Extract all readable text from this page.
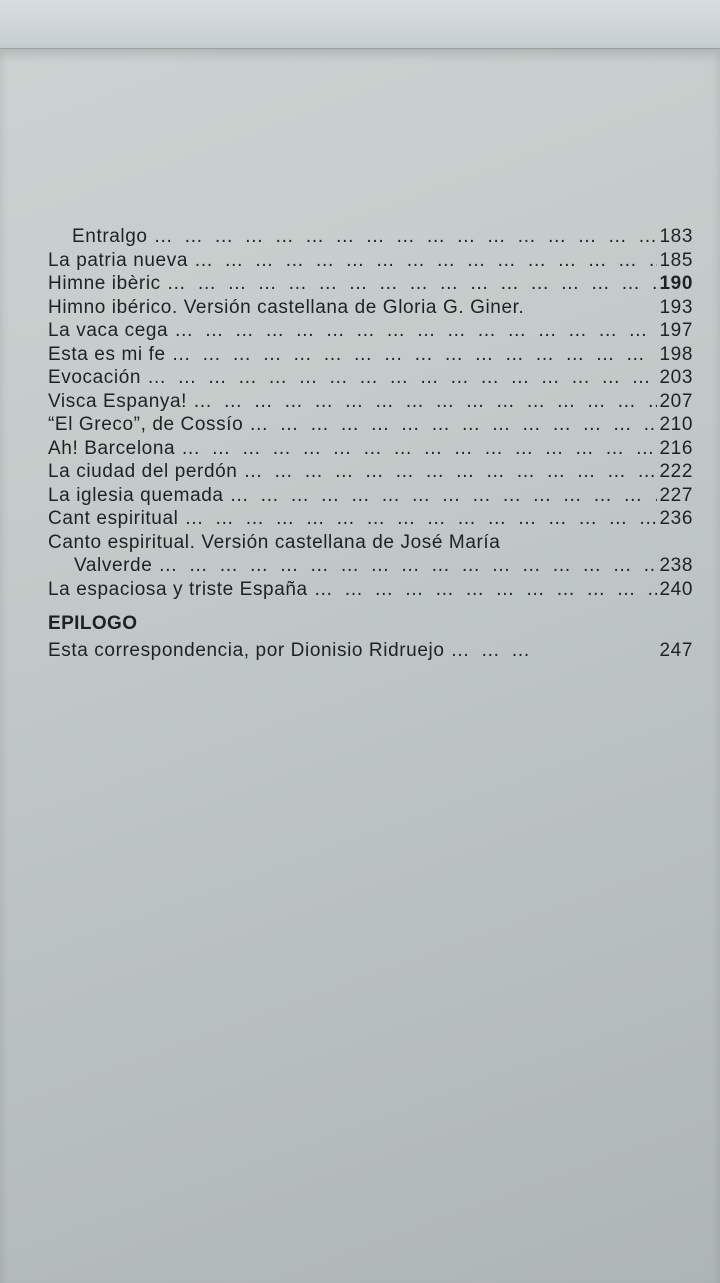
Entralgo … … … … … … … … … … … … … … … … … … … … … … … … … … … …	183
La patria nueva … … … … … … … … … … … … … … … … … … … … … … … … … … … …	185
Himne ibèric … … … … … … … … … … … … … … … … … … … … … … … … … … … …	190
Himno ibérico. Versión castellana de Gloria G. Giner.	193
La vaca cega … … … … … … … … … … … … … … … … … … … … … … … … … … … …	197
Esta es mi fe … … … … … … … … … … … … … … … … … … … … … … … … … … … …	198
Evocación … … … … … … … … … … … … … … … … … … … … … … … … … … … …	203
Visca Espanya! … … … … … … … … … … … … … … … … … … … … … … … … … … … …	207
“El Greco”, de Cossío … … … … … … … … … … … … … … … … … … … … … … … … … … … …	210
Ah! Barcelona … … … … … … … … … … … … … … … … … … … … … … … … … … … …	216
La ciudad del perdón … … … … … … … … … … … … … … … … … … … … … … … … … … … …	222
La iglesia quemada … … … … … … … … … … … … … … … … … … … … … … … … … … … …	227
Cant espiritual … … … … … … … … … … … … … … … … … … … … … … … … … … … …	236
Canto espiritual. Versión castellana de José María
Valverde … … … … … … … … … … … … … … … … … … … … … … … … … … … …	238
La espaciosa y triste España … … … … … … … … … … … … … … … … … … … … … … … … … … … …	240
EPILOGO
Esta correspondencia, por Dionisio Ridruejo … … … … … … … … … … … … … … … … … … … … … … … … … … … …	247
